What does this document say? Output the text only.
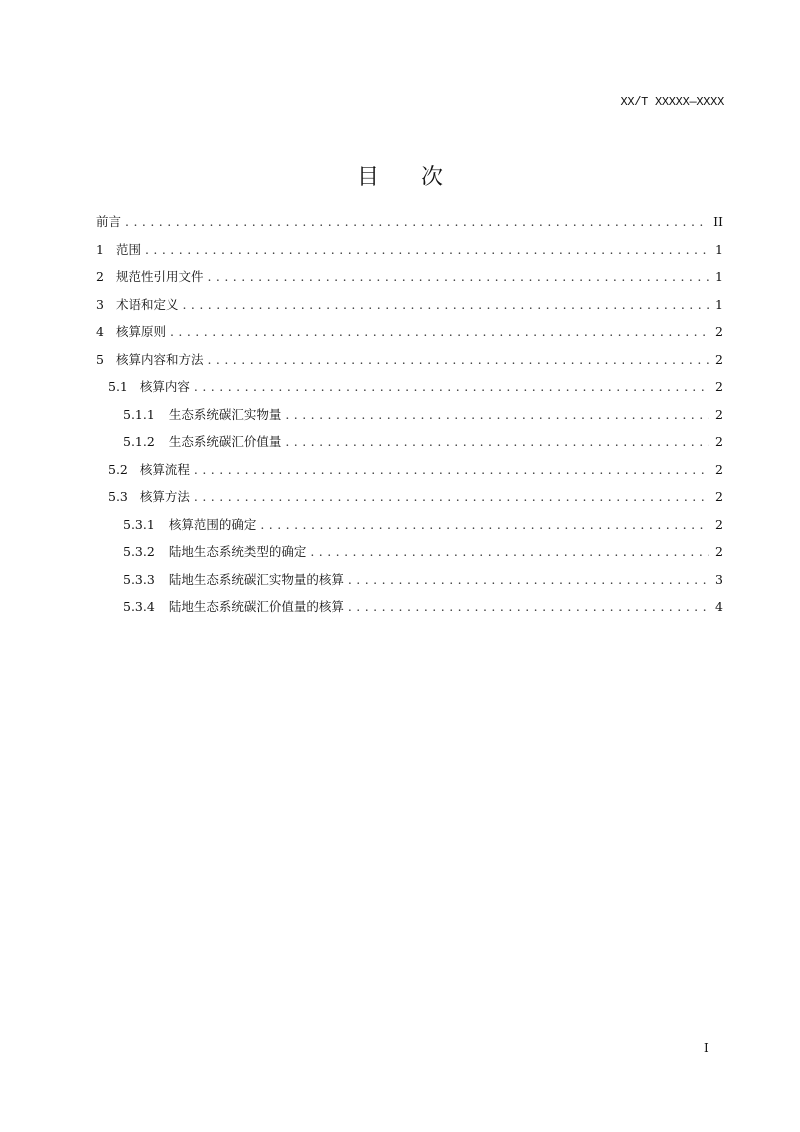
XX/T XXXXX—XXXX
目 次
前言 . . .	II
1 范围 . . .	1
2 规范性引用文件 . . .	1
3 术语和定义 . . .	1
4 核算原则 . . .	2
5 核算内容和方法 . . .	2
5.1 核算内容 . . .	2
5.1.1 生态系统碳汇实物量 . . .	2
5.1.2 生态系统碳汇价值量 . . .	2
5.2 核算流程 . . .	2
5.3 核算方法 . . .	2
5.3.1 核算范围的确定 . . .	2
5.3.2 陆地生态系统类型的确定 . . .	2
5.3.3 陆地生态系统碳汇实物量的核算 . . .	3
5.3.4 陆地生态系统碳汇价值量的核算 . . .	4
I
